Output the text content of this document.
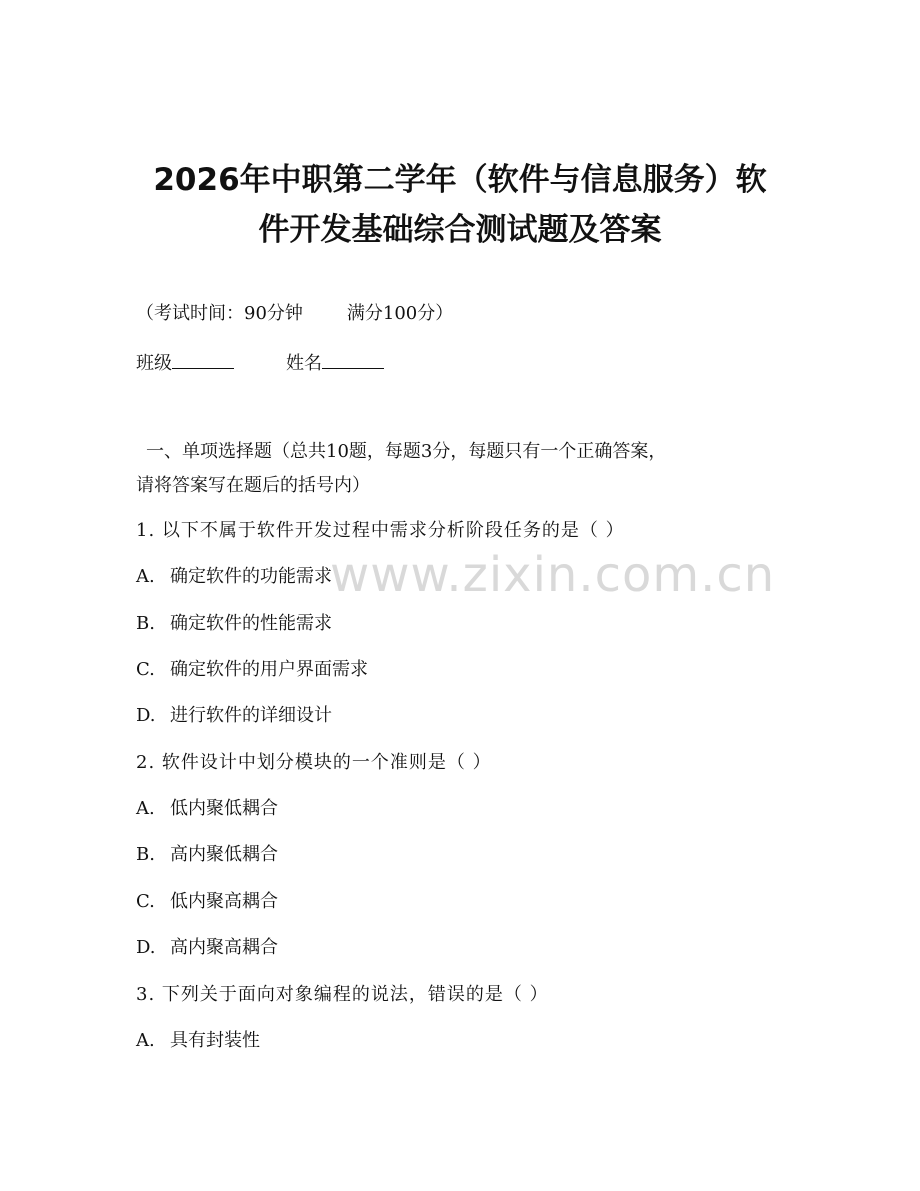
2026年中职第二学年（软件与信息服务）软
件开发基础综合测试题及答案
（考试时间：90分钟 满分100分）
班级	姓名
一、单项选择题（总共10题，每题3分，每题只有一个正确答案，
请将答案写在题后的括号内）
1. 以下不属于软件开发过程中需求分析阶段任务的是（ ）
A. 确定软件的功能需求
B. 确定软件的性能需求
C. 确定软件的用户界面需求
D. 进行软件的详细设计
2. 软件设计中划分模块的一个准则是（ ）
A. 低内聚低耦合
B. 高内聚低耦合
C. 低内聚高耦合
D. 高内聚高耦合
3. 下列关于面向对象编程的说法，错误的是（ ）
A. 具有封装性
www.zixin.com.cn
